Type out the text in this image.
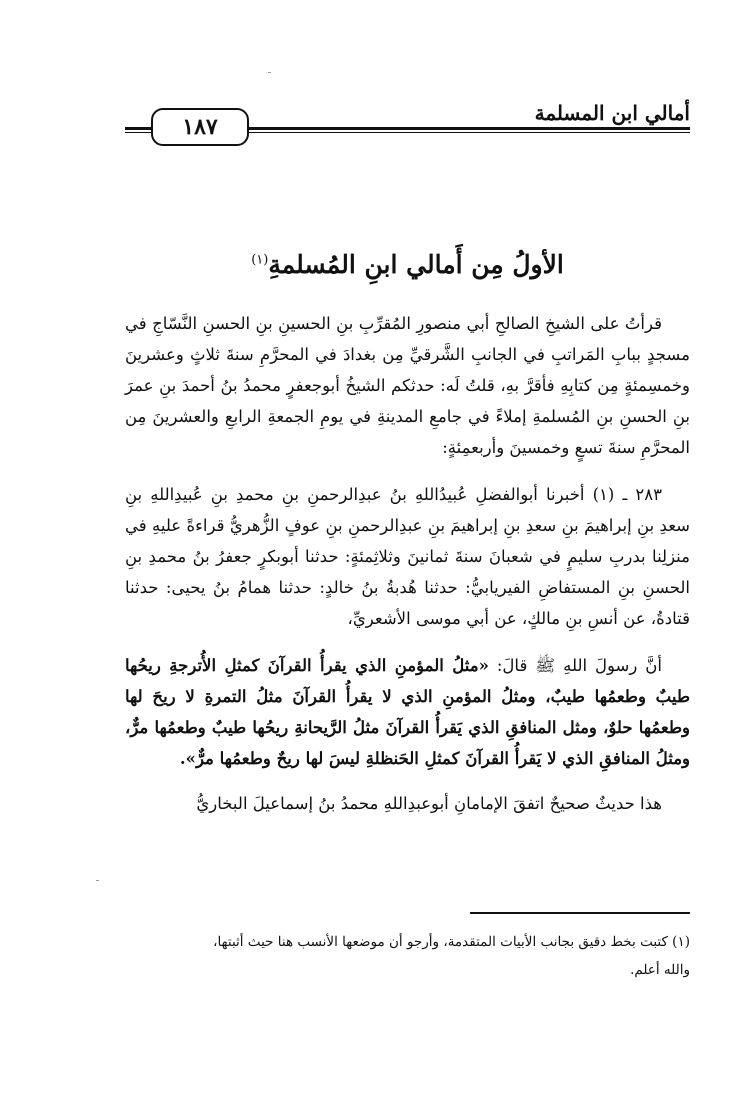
١٨٧
أمالي ابن المسلمة
الأولُ مِن أَمالي ابنِ المُسلمةِ$^{(١)}$

قرأتُ على الشيخِ الصالحِ أبي منصورِ المُقرِّبِ بنِ الحسينِ بنِ الحسنِ النَّسّاجِ في مسجدٍ ببابِ المَراتبِ في الجانبِ الشَّرقيِّ مِن بغدادَ في المحرَّمِ سنةَ ثلاثٍ وعشرينَ وخمسِمئةٍ مِن كتابِهِ فأقرَّ بهِ، قلتُ لَه: حدثكم الشيخُ أبوجعفرٍ محمدُ بنُ أحمدَ بنِ عمرَ بنِ الحسنِ بنِ المُسلمةِ إملاءً في جامعِ المدينةِ في يومِ الجمعةِ الرابعِ والعشرينَ مِن المحرَّمِ سنةَ تسعٍ وخمسينَ وأربعمِئةٍ:

٢٨٣ ـ (١) أخبرنا أبوالفضلِ عُبيدُاللهِ بنُ عبدِالرحمنِ بنِ محمدِ بنِ عُبيدِاللهِ بنِ سعدِ بنِ إبراهيمَ بنِ سعدِ بنِ إبراهيمَ بنِ عبدِالرحمنِ بنِ عوفٍ الزُّهريُّ قراءةً عليهِ في منزلِنا بدربِ سليمٍ في شعبانَ سنةَ ثمانينَ وثلاثِمئةٍ: حدثنا أبوبكرٍ جعفرُ بنُ محمدِ بنِ الحسنِ بنِ المستفاضِ الفيريابيُّ: حدثنا هُدبةُ بنُ خالدٍ: حدثنا همامُ بنُ يحيى: حدثنا قتادةُ، عن أنسِ بنِ مالكٍ، عن أبي موسى الأشعريِّ،

أنَّ رسولَ اللهِ ﷺ قالَ: «مثلُ المؤمنِ الذي يقرأُ القرآنَ كمثلِ الأُترجةِ ريحُها طيبٌ وطعمُها طيبٌ، ومثلُ المؤمنِ الذي لا يقرأُ القرآنَ مثلُ التمرةِ لا ريحَ لها وطعمُها حلوٌ، ومثل المنافقِ الذي يَقرأُ القرآنَ مثلُ الرَّيحانةِ ريحُها طيبٌ وطعمُها مرٌّ، ومثلُ المنافقِ الذي لا يَقرأُ القرآنَ كمثلِ الحَنظلةِ ليسَ لها ريحٌ وطعمُها مرٌّ».

هذا حديثٌ صحيحٌ اتفقَ الإمامانِ أبوعبدِاللهِ محمدُ بنُ إسماعيلَ البخاريُّ

(١) كتبت بخط دقيق بجانب الأبيات المتقدمة، وأرجو أن موضعها الأنسب هنا حيث أثبتها،
والله أعلم.
